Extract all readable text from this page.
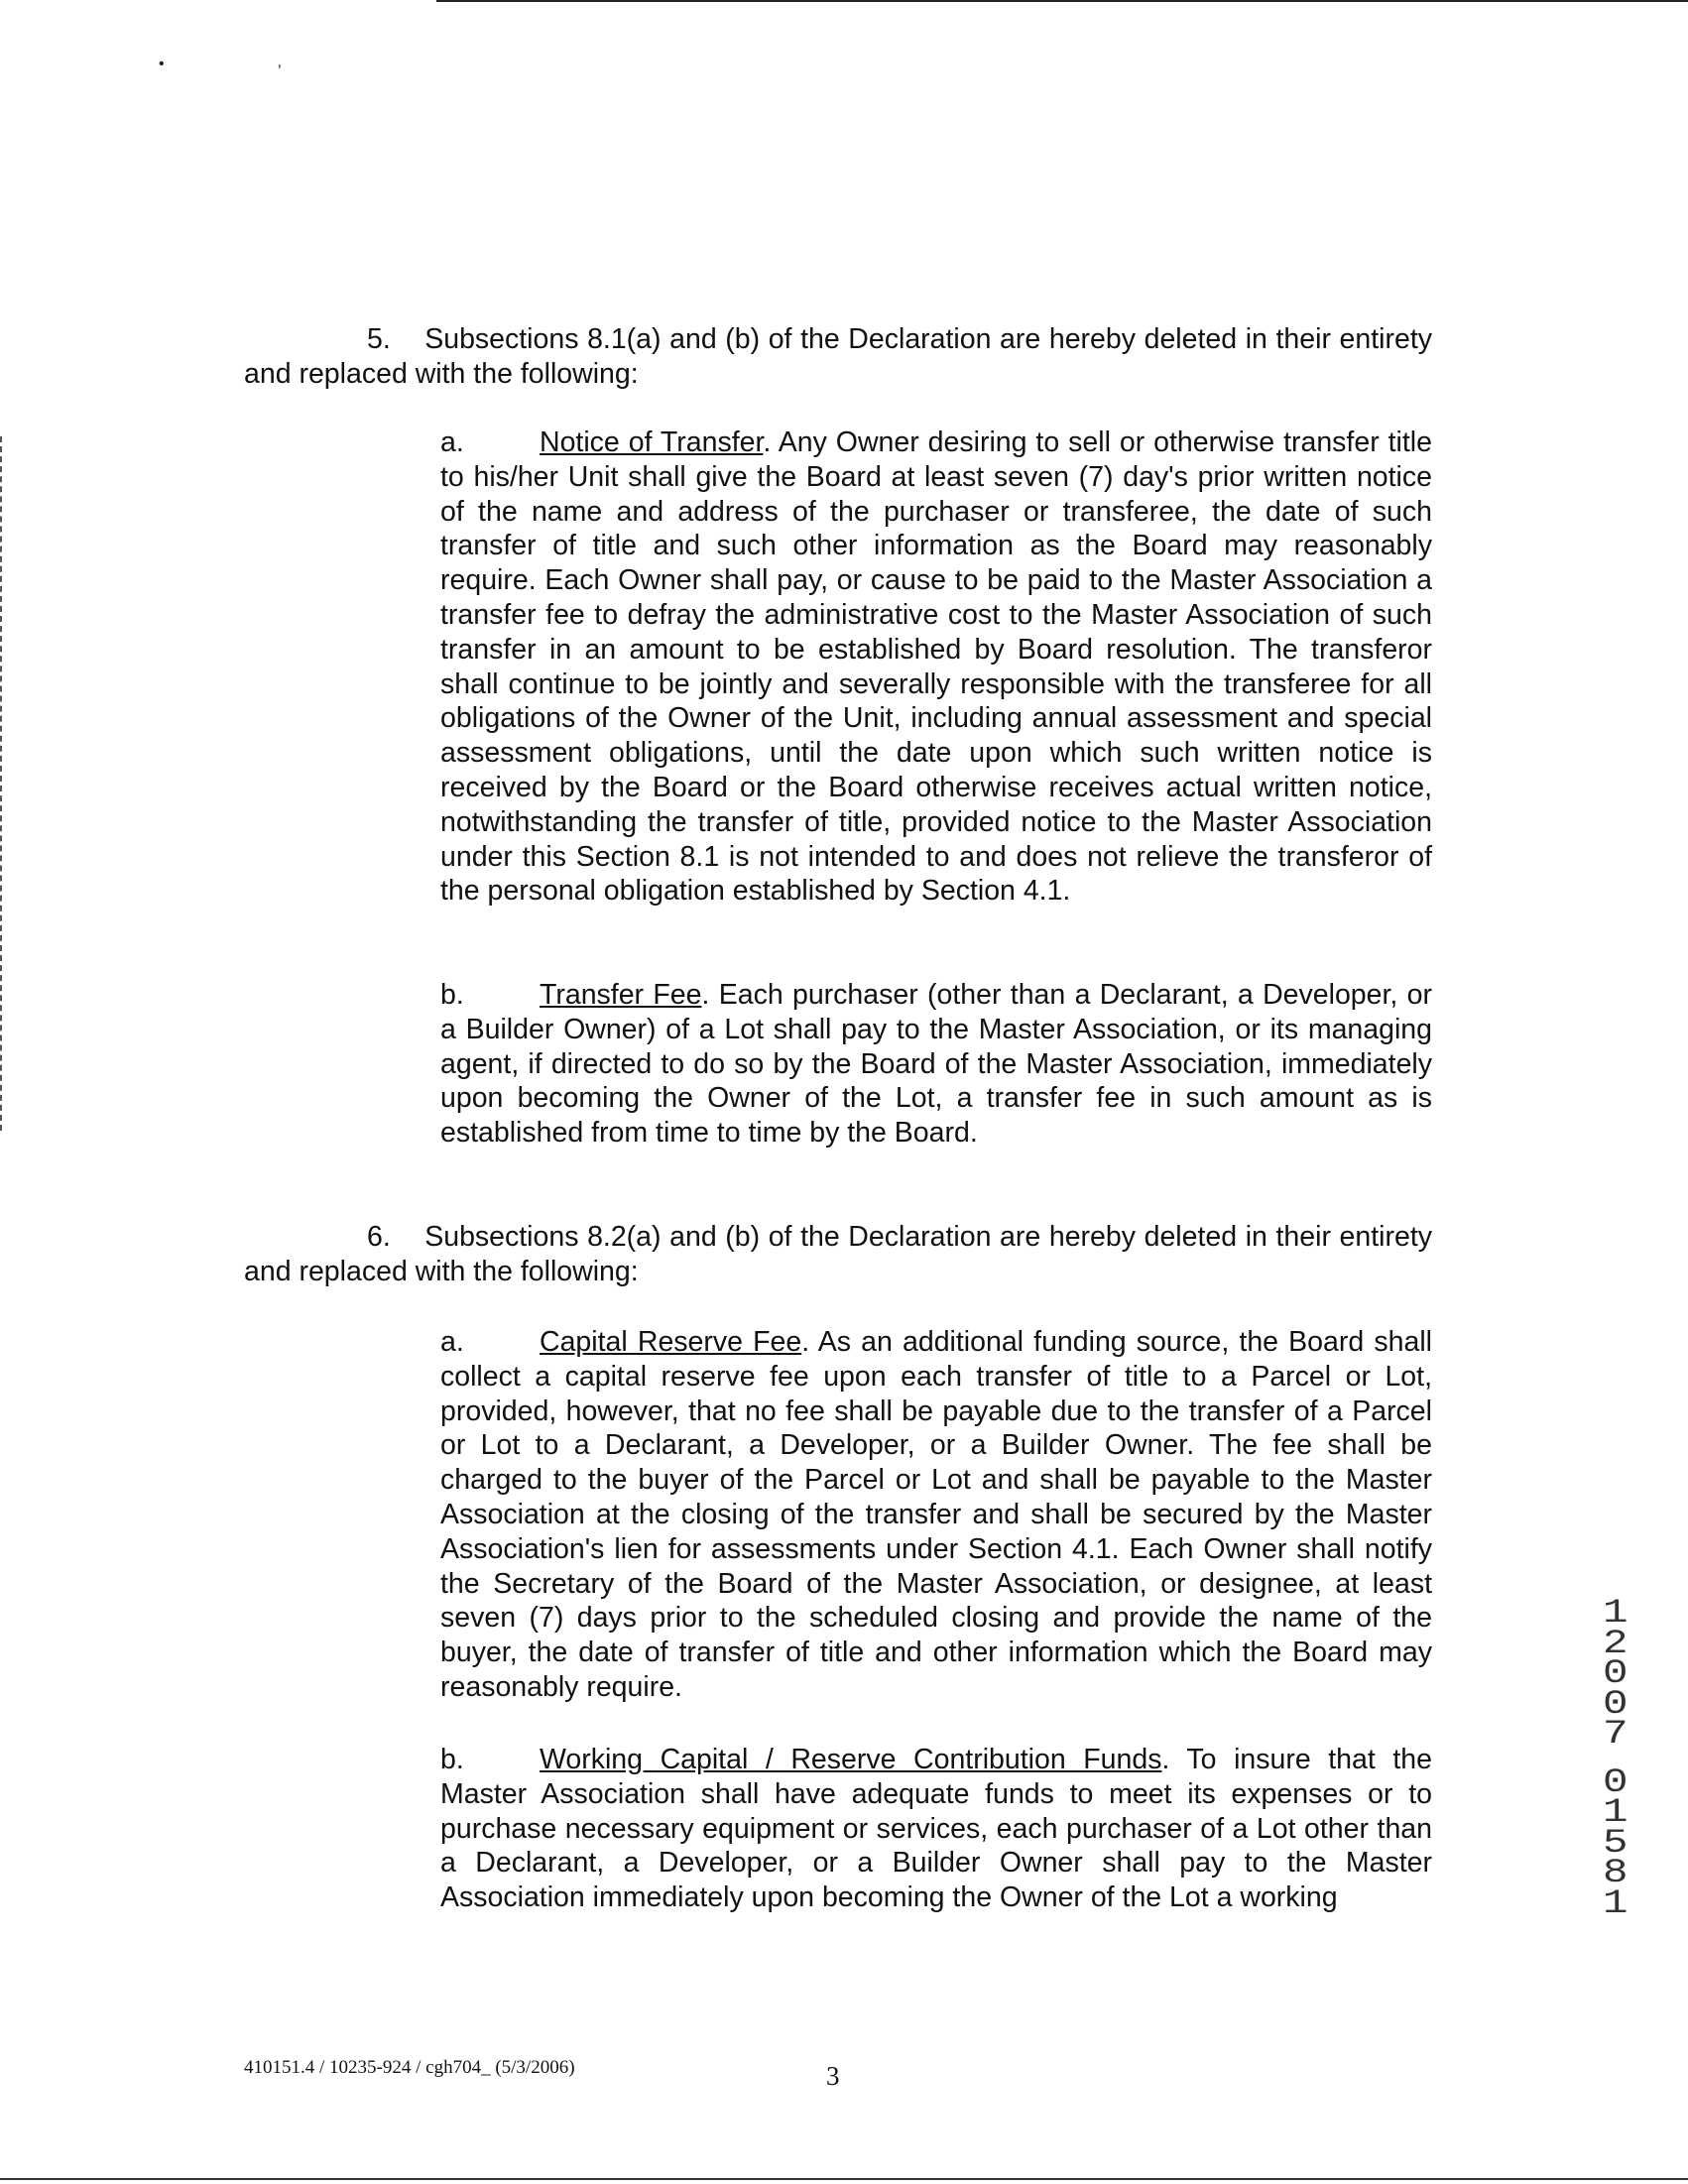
•	‚
5. Subsections 8.1(a) and (b) of the Declaration are hereby deleted in their entirety and replaced with the following:
a.	Notice of Transfer. Any Owner desiring to sell or otherwise transfer title to his/her Unit shall give the Board at least seven (7) day's prior written notice of the name and address of the purchaser or transferee, the date of such transfer of title and such other information as the Board may reasonably require. Each Owner shall pay, or cause to be paid to the Master Association a transfer fee to defray the administrative cost to the Master Association of such transfer in an amount to be established by Board resolution. The transferor shall continue to be jointly and severally responsible with the transferee for all obligations of the Owner of the Unit, including annual assessment and special assessment obligations, until the date upon which such written notice is received by the Board or the Board otherwise receives actual written notice, notwithstanding the transfer of title, provided notice to the Master Association under this Section 8.1 is not intended to and does not relieve the transferor of the personal obligation established by Section 4.1.
b.	Transfer Fee. Each purchaser (other than a Declarant, a Developer, or a Builder Owner) of a Lot shall pay to the Master Association, or its managing agent, if directed to do so by the Board of the Master Association, immediately upon becoming the Owner of the Lot, a transfer fee in such amount as is established from time to time by the Board.
6. Subsections 8.2(a) and (b) of the Declaration are hereby deleted in their entirety and replaced with the following:
a.	Capital Reserve Fee. As an additional funding source, the Board shall collect a capital reserve fee upon each transfer of title to a Parcel or Lot, provided, however, that no fee shall be payable due to the transfer of a Parcel or Lot to a Declarant, a Developer, or a Builder Owner. The fee shall be charged to the buyer of the Parcel or Lot and shall be payable to the Master Association at the closing of the transfer and shall be secured by the Master Association's lien for assessments under Section 4.1. Each Owner shall notify the Secretary of the Board of the Master Association, or designee, at least seven (7) days prior to the scheduled closing and provide the name of the buyer, the date of transfer of title and other information which the Board may reasonably require.
b.	Working Capital / Reserve Contribution Funds. To insure that the Master Association shall have adequate funds to meet its expenses or to purchase necessary equipment or services, each purchaser of a Lot other than a Declarant, a Developer, or a Builder Owner shall pay to the Master Association immediately upon becoming the Owner of the Lot a working
1
2
0
0
7
0
1
5
8
1
410151.4 / 10235-924 / cgh704_ (5/3/2006)	3
